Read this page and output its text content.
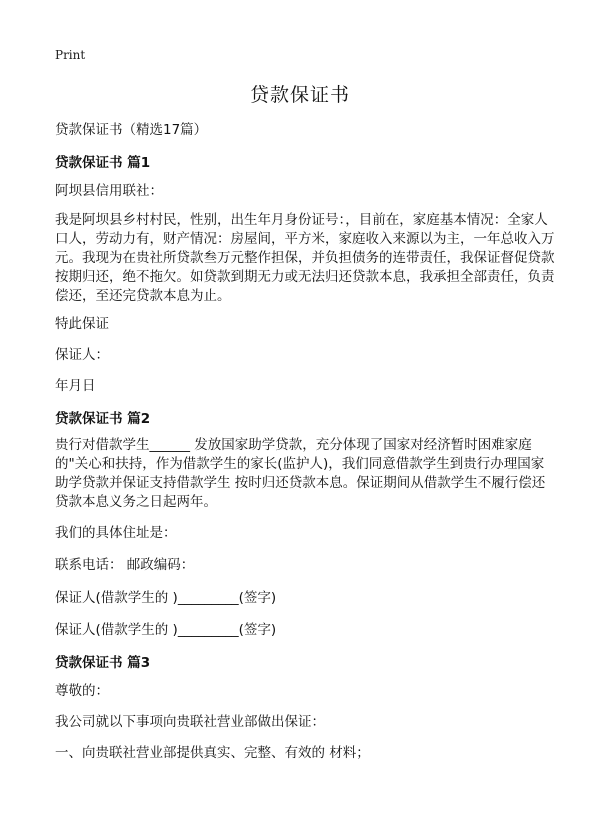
Print
贷款保证书
贷款保证书（精选17篇）
贷款保证书 篇1
阿坝县信用联社：
我是阿坝县乡村村民，性别，出生年月身份证号：，目前在，家庭基本情况：全家人口人，劳动力有，财产情况：房屋间，平方米，家庭收入来源以为主，一年总收入万元。我现为在贵社所贷款叁万元整作担保，并负担债务的连带责任，我保证督促贷款按期归还，绝不拖欠。如贷款到期无力或无法归还贷款本息，我承担全部责任，负责偿还，至还完贷款本息为止。
特此保证
保证人：
年月日
贷款保证书 篇2
贵行对借款学生______ 发放国家助学贷款，充分体现了国家对经济暂时困难家庭的"关心和扶持，作为借款学生的家长(监护人)，我们同意借款学生到贵行办理国家助学贷款并保证支持借款学生 按时归还贷款本息。保证期间从借款学生不履行偿还贷款本息义务之日起两年。
我们的具体住址是：
联系电话： 邮政编码：
保证人(借款学生的 )_________(签字)
保证人(借款学生的 )_________(签字)
贷款保证书 篇3
尊敬的：
我公司就以下事项向贵联社营业部做出保证：
一、向贵联社营业部提供真实、完整、有效的 材料；
